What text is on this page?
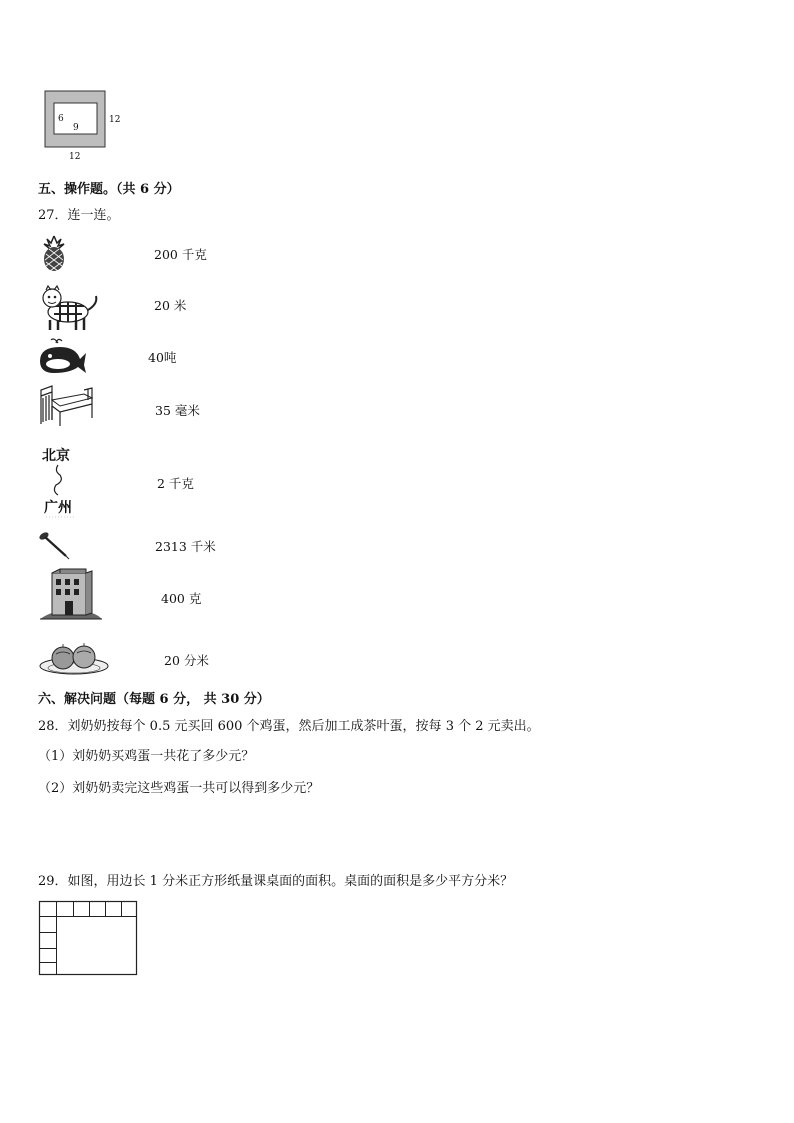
6
9
12
12
五、操作题。（共 6 分）
27．连一连。
200 千克
20 米
40吨
35 毫米
北京
广州
2 千克
2313 千米
400 克
20 分米
六、解决问题（每题 6 分， 共 30 分）
28．刘奶奶按每个 0.5 元买回 600 个鸡蛋，然后加工成茶叶蛋，按每 3 个 2 元卖出。
（1）刘奶奶买鸡蛋一共花了多少元？
（2）刘奶奶卖完这些鸡蛋一共可以得到多少元？
29．如图，用边长 1 分米正方形纸量课桌面的面积。桌面的面积是多少平方分米？
